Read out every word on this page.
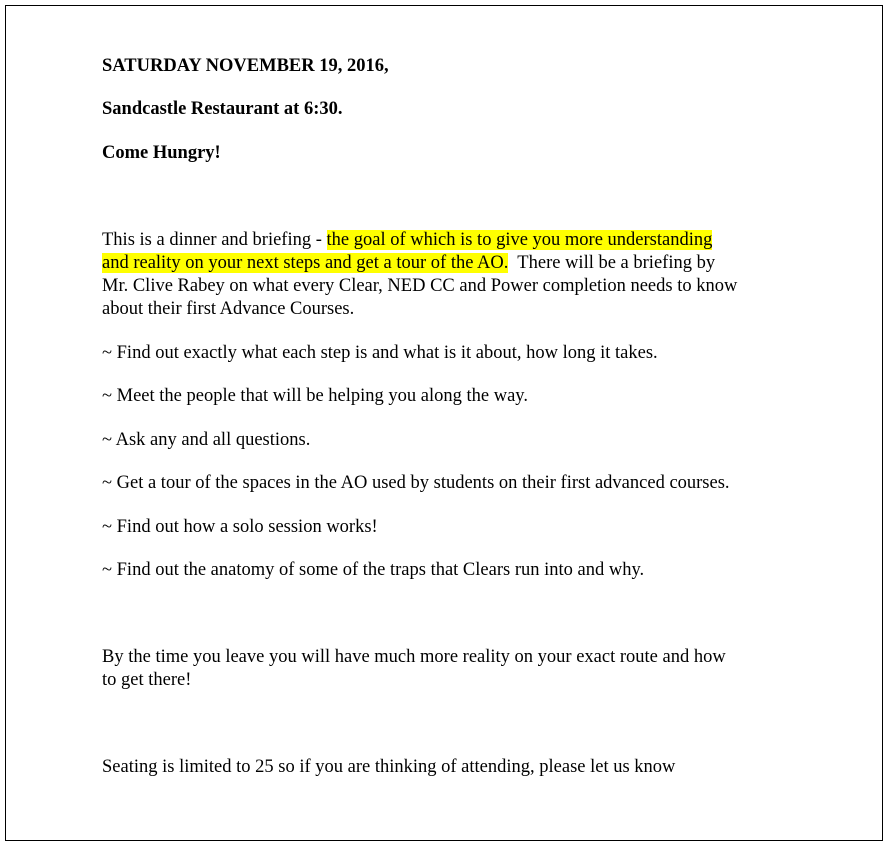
SATURDAY NOVEMBER 19, 2016,
Sandcastle Restaurant at 6:30.
Come Hungry!
This is a dinner and briefing - the goal of which is to give you more understanding
and reality on your next steps and get a tour of the AO.  There will be a briefing by
Mr. Clive Rabey on what every Clear, NED CC and Power completion needs to know
about their first Advance Courses.
~ Find out exactly what each step is and what is it about, how long it takes.
~ Meet the people that will be helping you along the way.
~ Ask any and all questions.
~ Get a tour of the spaces in the AO used by students on their first advanced courses.
~ Find out how a solo session works!
~ Find out the anatomy of some of the traps that Clears run into and why.
By the time you leave you will have much more reality on your exact route and how
to get there!
Seating is limited to 25 so if you are thinking of attending, please let us know
